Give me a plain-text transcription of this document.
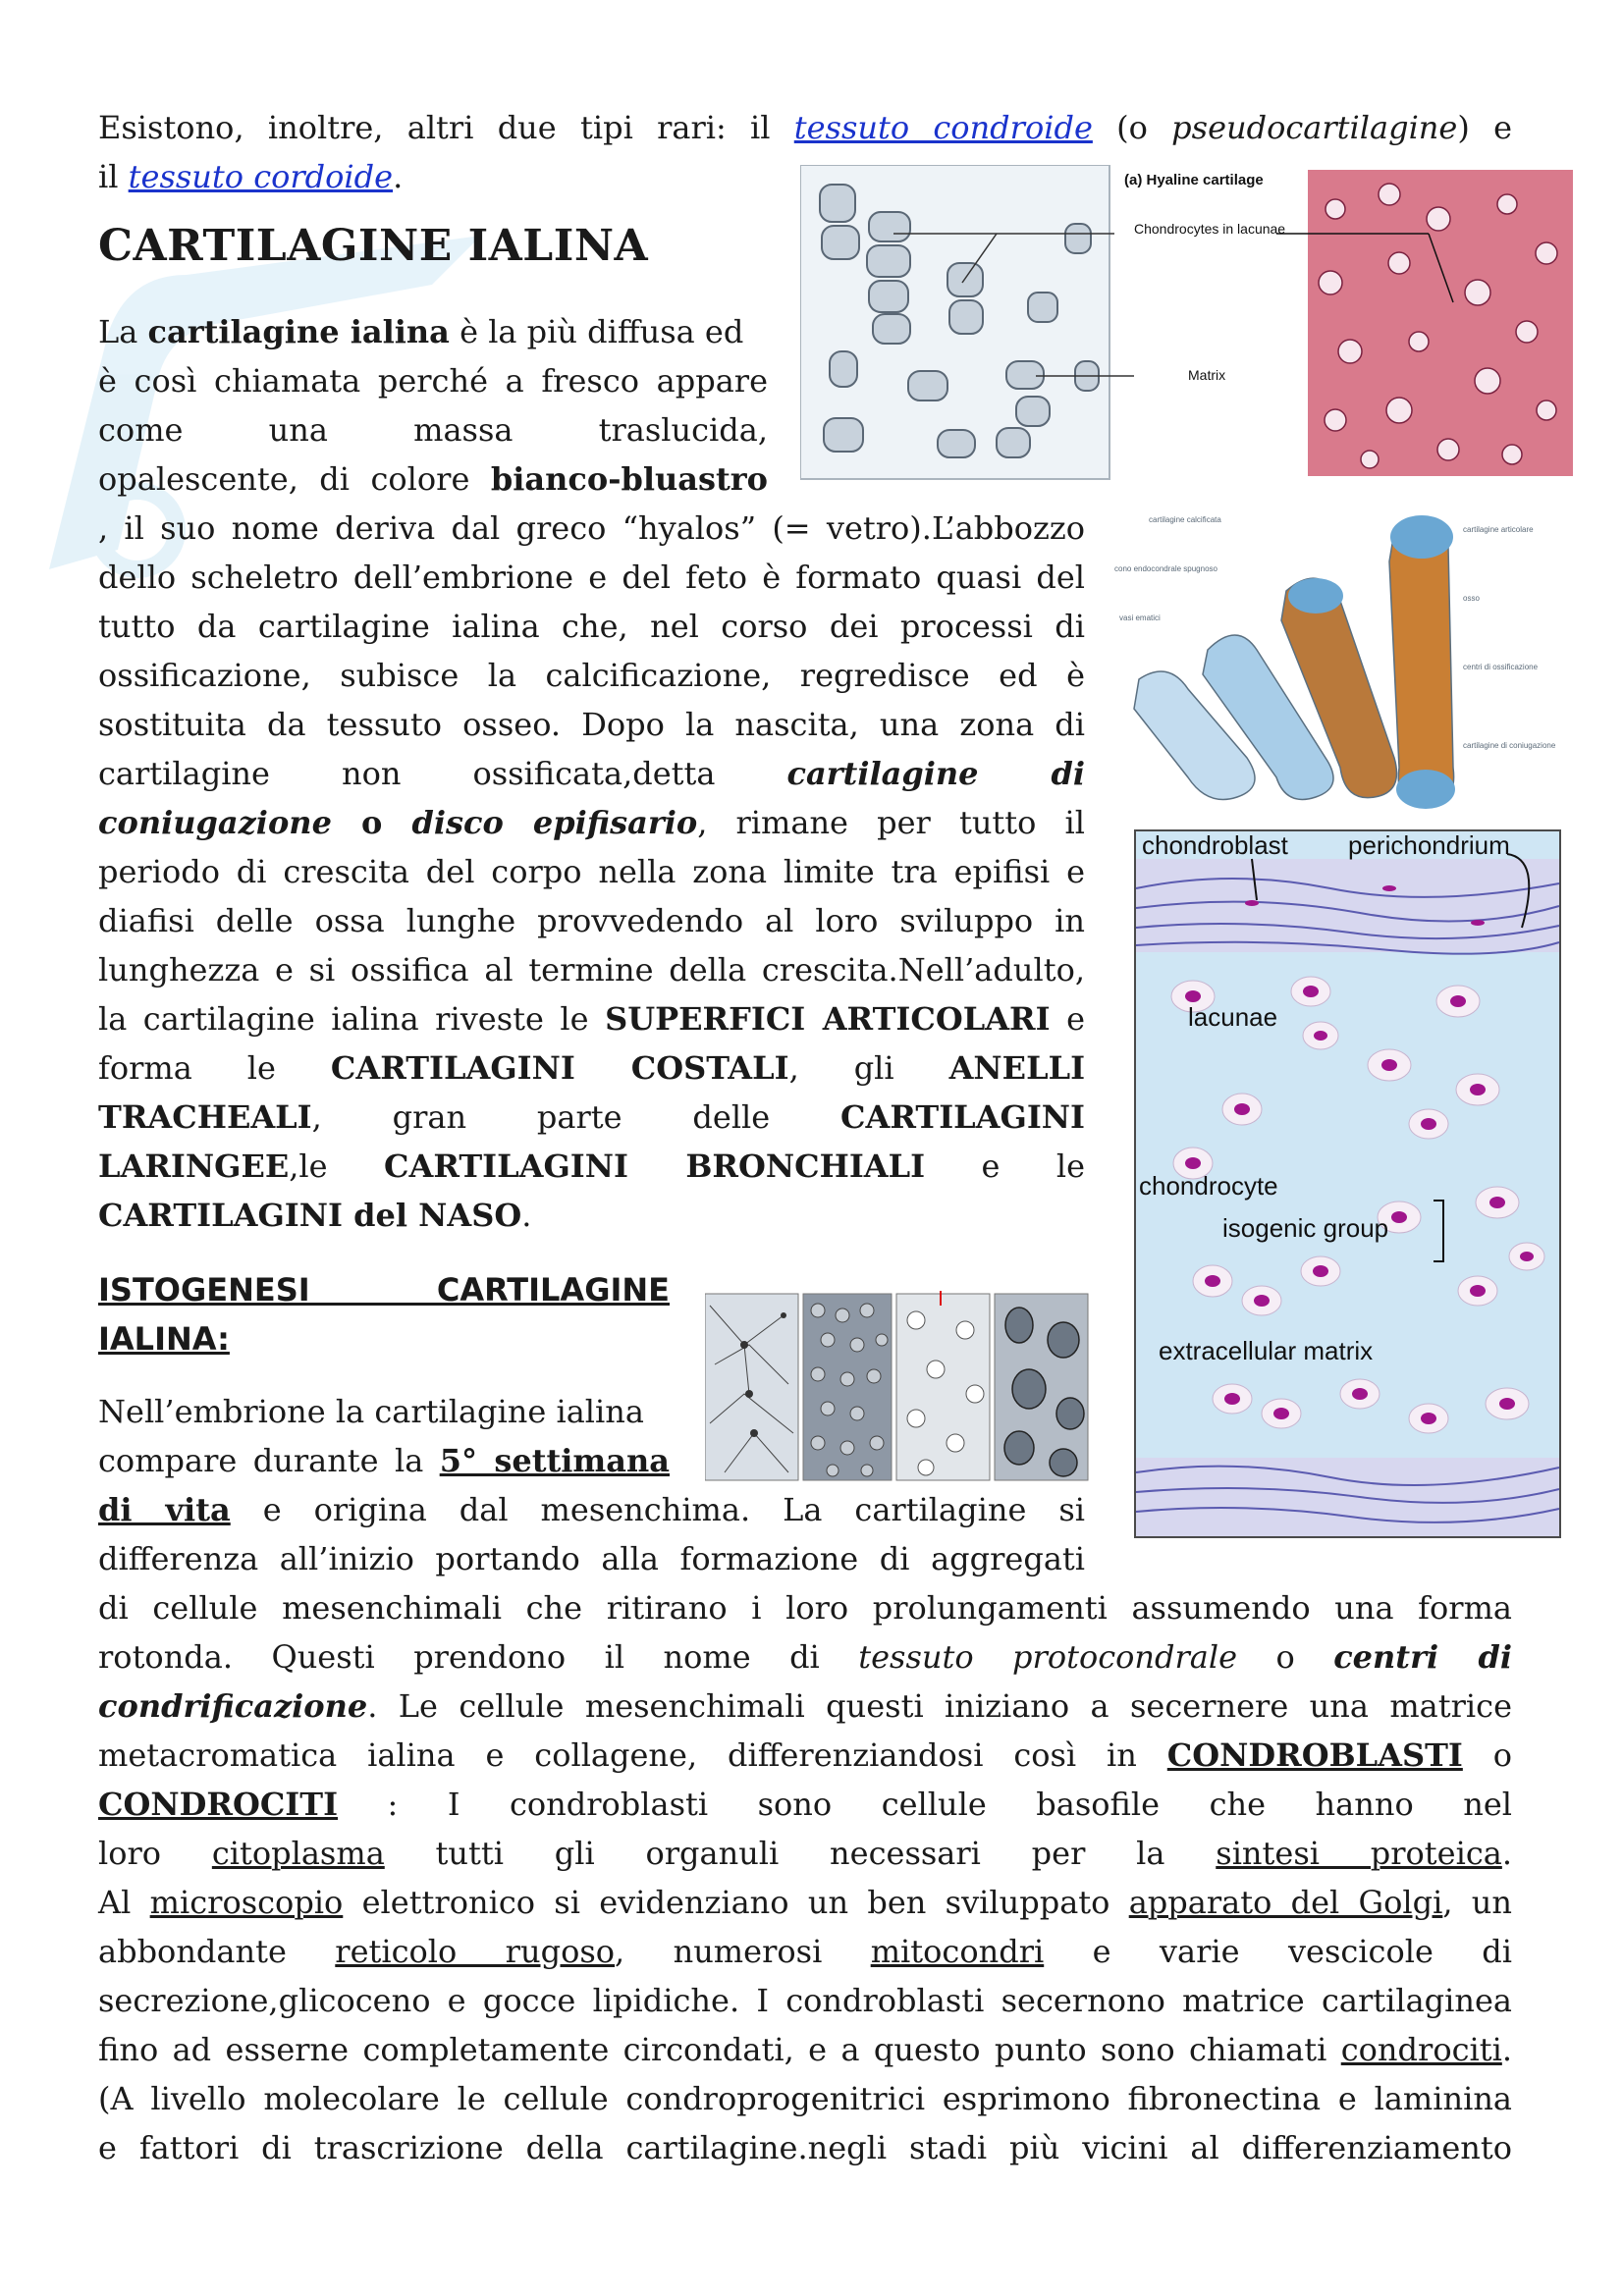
Esistono, inoltre, altri due tipi rari: il tessuto condroide (o pseudocartilagine) e
il tessuto cordoide.
CARTILAGINE IALINA

La cartilagine ialina è la più diffusa ed

è così chiamata perché a fresco appare

come una massa traslucida,

opalescente, di colore bianco-bluastro

, il suo nome deriva dal greco “hyalos” (= vetro).L’abbozzo

dello scheletro dell’embrione e del feto è formato quasi del

tutto da cartilagine ialina che, nel corso dei processi di

ossificazione, subisce la calcificazione, regredisce ed è

sostituita da tessuto osseo. Dopo la nascita, una zona di

cartilagine non ossificata,detta cartilagine di

coniugazione o disco epifisario, rimane per tutto il

periodo di crescita del corpo nella zona limite tra epifisi e

diafisi delle ossa lunghe provvedendo al loro sviluppo in

lunghezza e si ossifica al termine della crescita.Nell’adulto,

la cartilagine ialina riveste le SUPERFICI ARTICOLARI e

forma le CARTILAGINI COSTALI, gli ANELLI

TRACHEALI, gran parte delle CARTILAGINI

LARINGEE,le CARTILAGINI BRONCHIALI e le

CARTILAGINI del NASO.

ISTOGENESI CARTILAGINE

IALINA:

Nell’embrione la cartilagine ialina

compare durante la 5° settimana

di vita e origina dal mesenchima. La cartilagine si

differenza all’inizio portando alla formazione di aggregati

di cellule mesenchimali che ritirano i loro prolungamenti assumendo una forma

rotonda. Questi prendono il nome di tessuto protocondrale o centri di

condrificazione. Le cellule mesenchimali questi iniziano a secernere una matrice

metacromatica ialina e collagene, differenziandosi così in CONDROBLASTI o

CONDROCITI : I condroblasti sono cellule basofile che hanno nel

loro citoplasma tutti gli organuli necessari per la sintesi proteica.

Al microscopio elettronico si evidenziano un ben sviluppato apparato del Golgi, un

abbondante reticolo rugoso, numerosi mitocondri e varie vescicole di

secrezione,glicoceno e gocce lipidiche. I condroblasti secernono matrice cartilaginea

fino ad esserne completamente circondati, e a questo punto sono chiamati condrociti.

(A livello molecolare le cellule condroprogenitrici esprimono fibronectina e laminina

e fattori di trascrizione della cartilagine.negli stadi più vicini al differenziamento

(a) Hyaline cartilage
Chondrocytes in lacunae
Matrix
cono endocondrale spugnoso
vasi ematici
cartilagine articolare
osso
centri di ossificazione
cartilagine di coniugazione
cartilagine calcificata
chondroblast perichondrium
lacunae
chondrocyte
isogenic group
extracellular matrix
